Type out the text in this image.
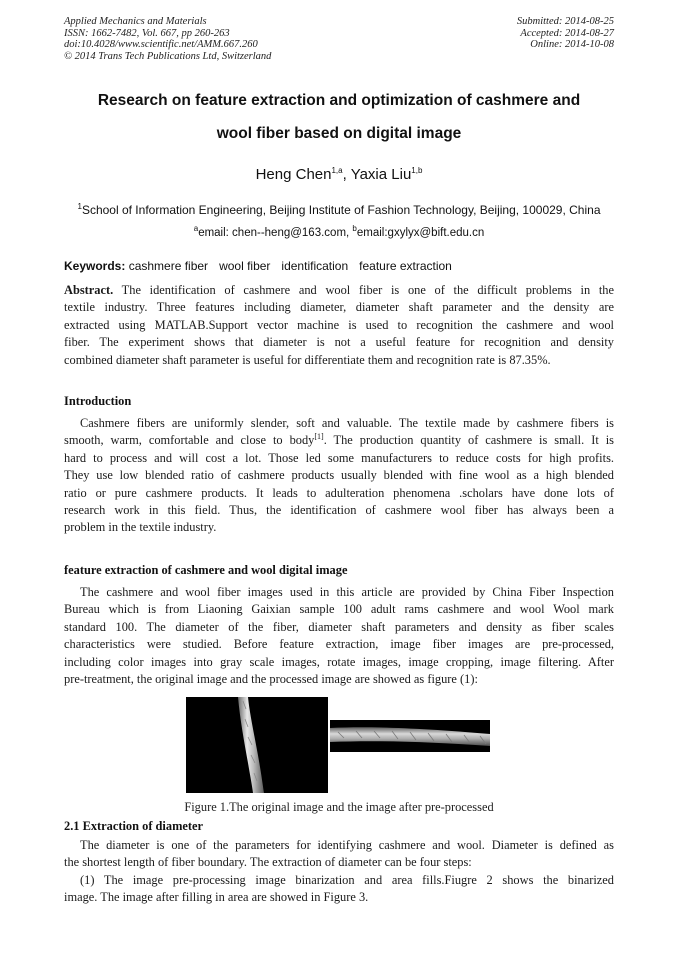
Applied Mechanics and Materials
ISSN: 1662-7482, Vol. 667, pp 260-263
doi:10.4028/www.scientific.net/AMM.667.260
© 2014 Trans Tech Publications Ltd, Switzerland
Submitted: 2014-08-25
Accepted: 2014-08-27
Online: 2014-10-08
Research on feature extraction and optimization of cashmere and
wool fiber based on digital image
Heng Chen$^{1,a}$, Yaxia Liu$^{1,b}$
$^1$School of Information Engineering, Beijing Institute of Fashion Technology, Beijing, 100029, China
$^a$email: chen--heng@163.com, $^b$email:gxylyx@bift.edu.cn
Keywords: cashmere fiber wool fiber identification feature extraction
Abstract. The identification of cashmere and wool fiber is one of the difficult problems in the
textile industry. Three features including diameter, diameter shaft parameter and the density are
extracted using MATLAB.Support vector machine is used to recognition the cashmere and wool
fiber. The experiment shows that diameter is not a useful feature for recognition and density
combined diameter shaft parameter is useful for differentiate them and recognition rate is 87.35%.
Introduction
Cashmere fibers are uniformly slender, soft and valuable. The textile made by cashmere fibers is
smooth, warm, comfortable and close to body[1]. The production quantity of cashmere is small. It is
hard to process and will cost a lot. Those led some manufacturers to reduce costs for high profits.
They use low blended ratio of cashmere products usually blended with fine wool as a high blended
ratio or pure cashmere products. It leads to adulteration phenomena .scholars have done lots of
research work in this field. Thus, the identification of cashmere wool fiber has always been a
problem in the textile industry.
feature extraction of cashmere and wool digital image
The cashmere and wool fiber images used in this article are provided by China Fiber Inspection
Bureau which is from Liaoning Gaixian sample 100 adult rams cashmere and wool Wool mark
standard 100. The diameter of the fiber, diameter shaft parameters and density as fiber scales
characteristics were studied. Before feature extraction, image fiber images are pre-processed,
including color images into gray scale images, rotate images, image cropping, image filtering. After
pre-treatment, the original image and the processed image are showed as figure (1):
Figure 1.The original image and the image after pre-processed
2.1 Extraction of diameter
The diameter is one of the parameters for identifying cashmere and wool. Diameter is defined as
the shortest length of fiber boundary. The extraction of diameter can be four steps:
(1) The image pre-processing image binarization and area fills.Fiugre 2 shows the binarized
image. The image after filling in area are showed in Figure 3.
